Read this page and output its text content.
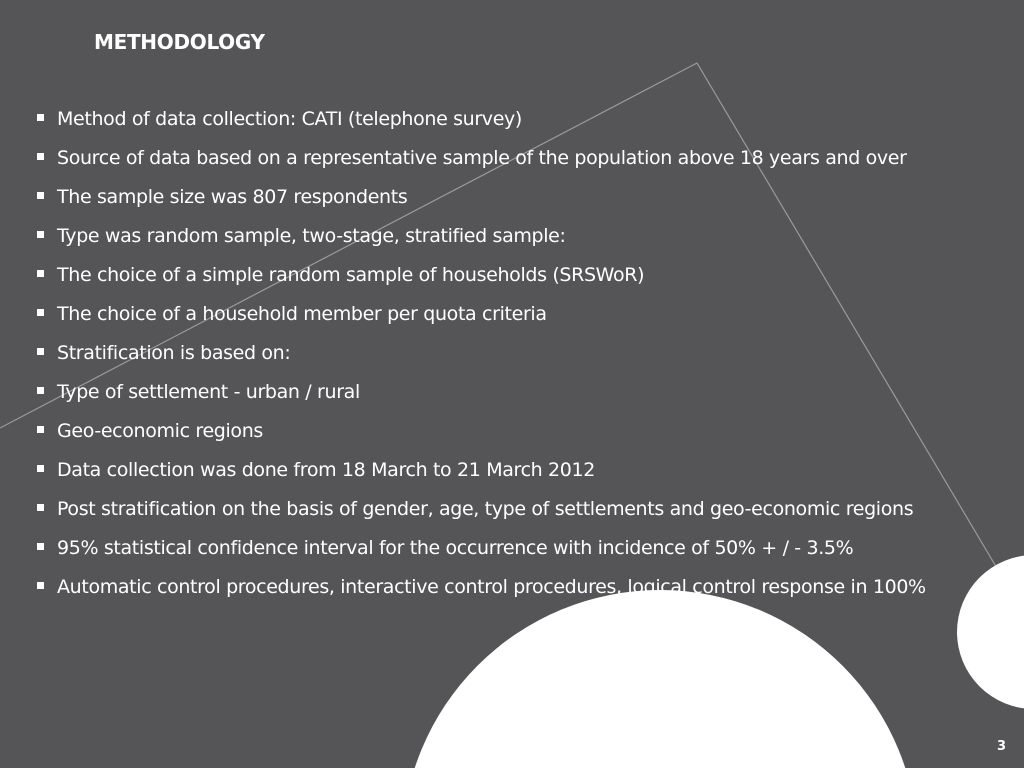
METHODOLOGY
Method of data collection: CATI (telephone survey)
Source of data based on a representative sample of the population above 18 years and over
The sample size was 807 respondents
Type was random sample, two-stage, stratified sample:
The choice of a simple random sample of households (SRSWoR)
The choice of a household member per quota criteria
Stratification is based on:
Type of settlement - urban / rural
Geo-economic regions
Data collection was done from 18 March to 21 March 2012
Post stratification on the basis of gender, age, type of settlements and geo-economic regions
95% statistical confidence interval for the occurrence with incidence of 50% + / - 3.5%
Automatic control procedures, interactive control procedures, logical control response in 100%
3
